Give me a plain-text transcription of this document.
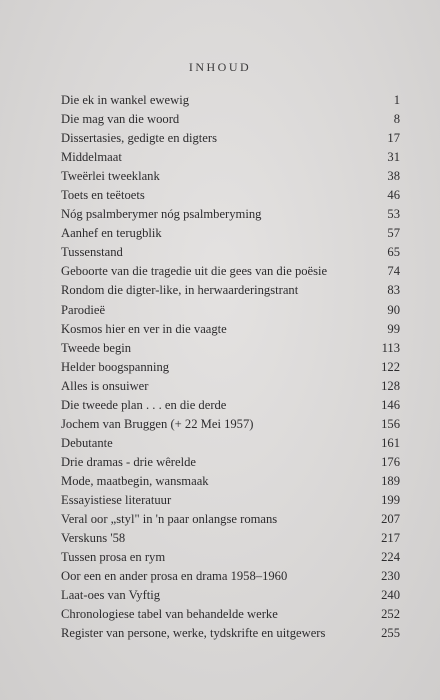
INHOUD
Die ek in wankel ewewig	1
Die mag van die woord	8
Dissertasies, gedigte en digters	17
Middelmaat	31
Tweërlei tweeklank	38
Toets en teëtoets	46
Nóg psalmberymer nóg psalmberyming	53
Aanhef en terugblik	57
Tussenstand	65
Geboorte van die tragedie uit die gees van die poësie	74
Rondom die digter-like, in herwaarderingstrant	83
Parodieë	90
Kosmos hier en ver in die vaagte	99
Tweede begin	113
Helder boogspanning	122
Alles is onsuiwer	128
Die tweede plan . . . en die derde	146
Jochem van Bruggen (+ 22 Mei 1957)	156
Debutante	161
Drie dramas - drie wêrelde	176
Mode, maatbegin, wansmaak	189
Essayistiese literatuur	199
Veral oor „styl" in 'n paar onlangse romans	207
Verskuns '58	217
Tussen prosa en rym	224
Oor een en ander prosa en drama 1958–1960	230
Laat-oes van Vyftig	240
Chronologiese tabel van behandelde werke	252
Register van persone, werke, tydskrifte en uitgewers	255
